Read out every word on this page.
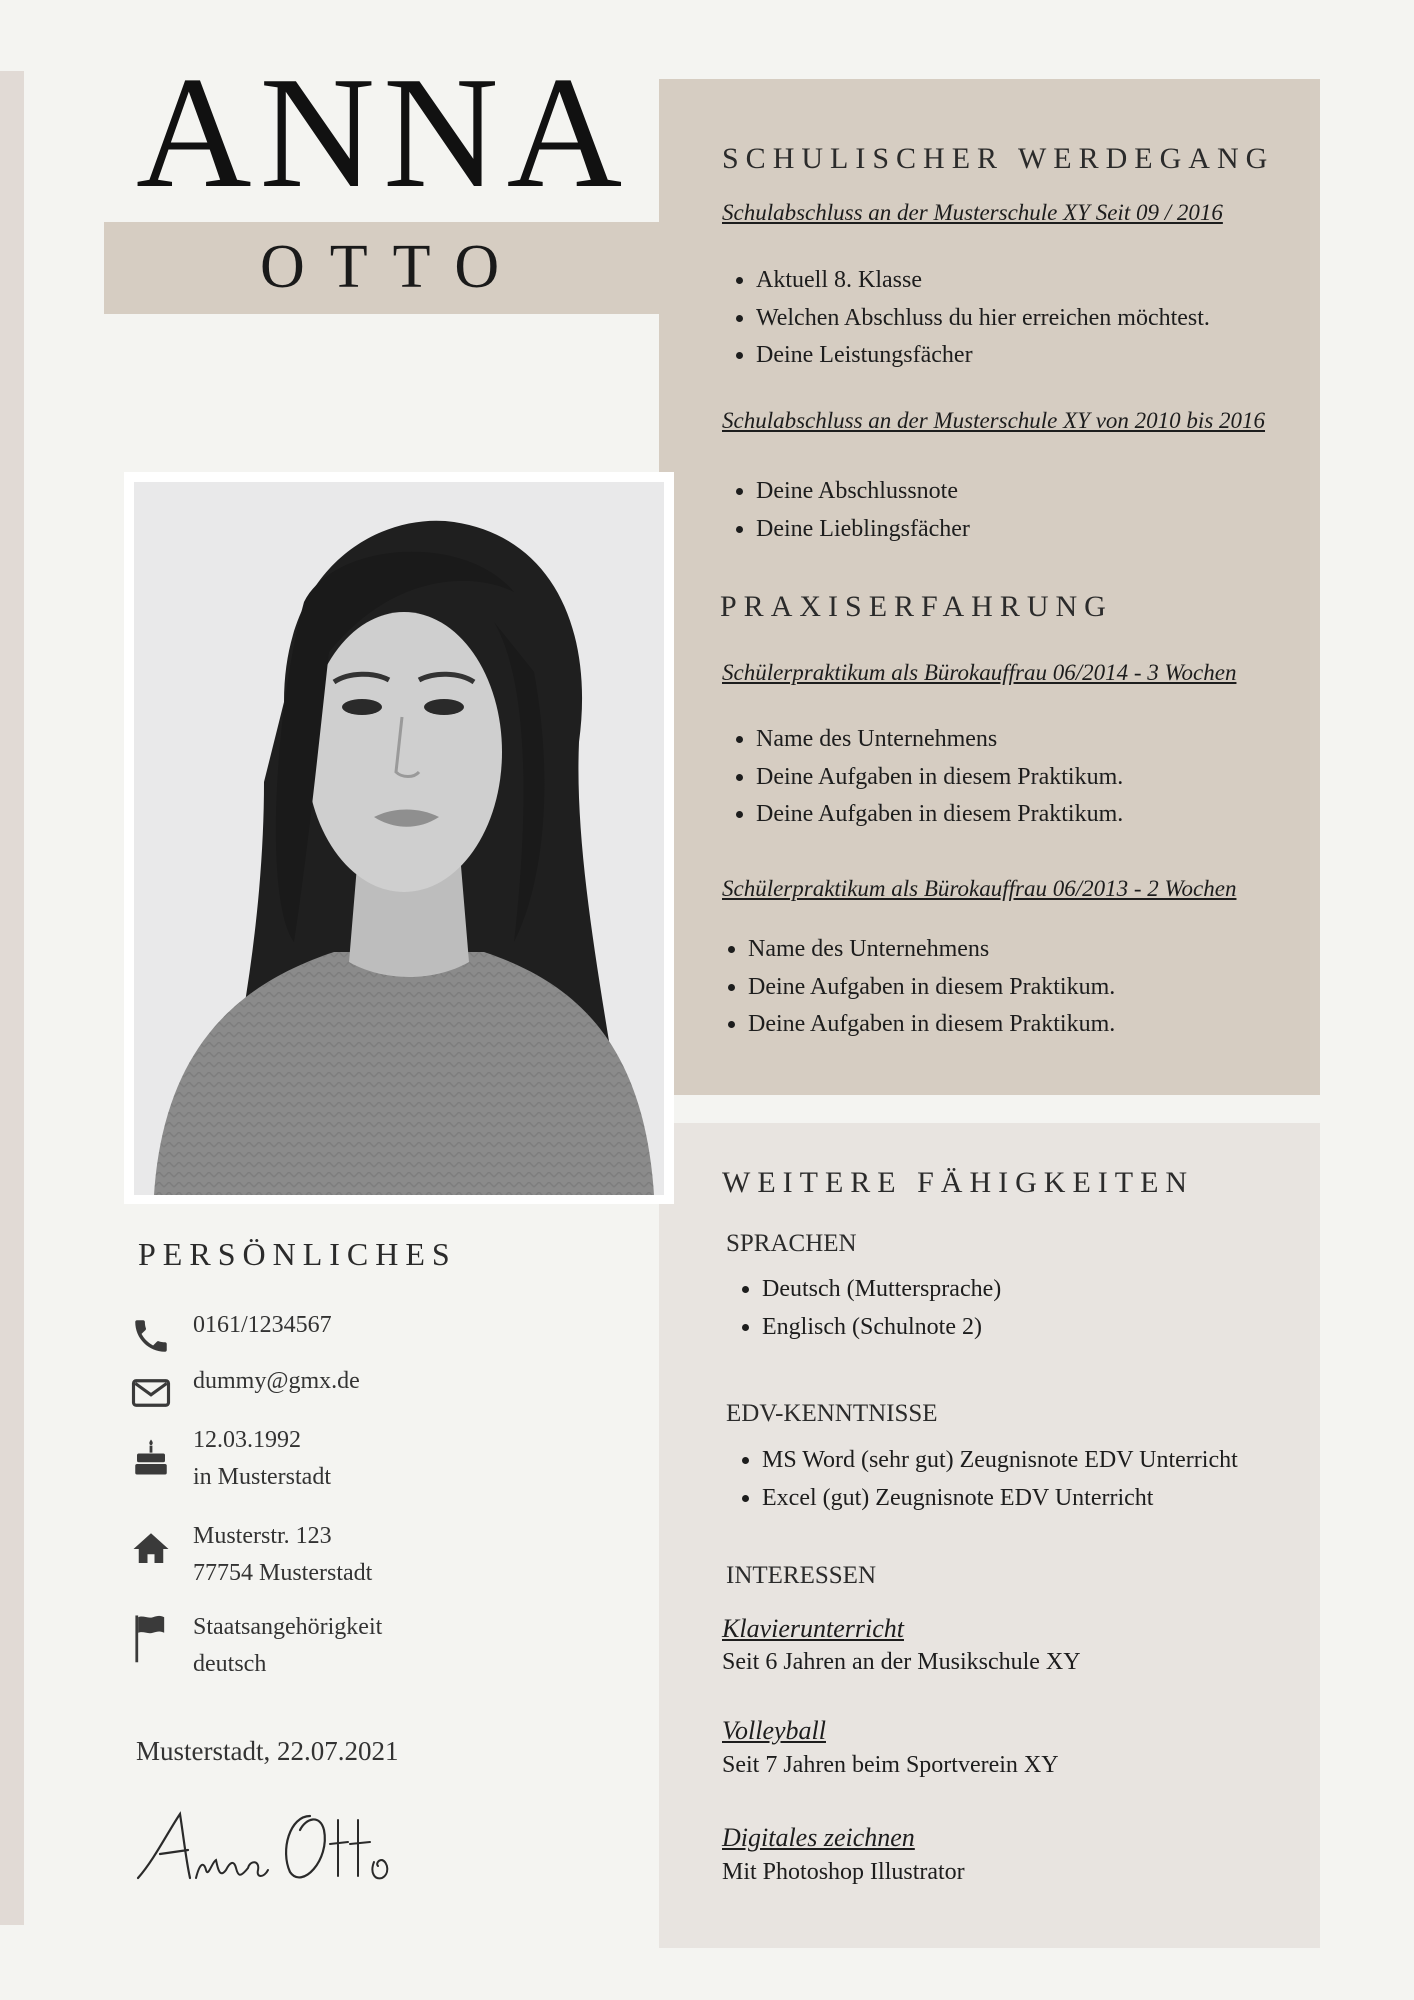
ANNA
OTTO
SCHULISCHER WERDEGANG
Schulabschluss an der Musterschule XY Seit 09 / 2016
• Aktuell 8. Klasse
• Welchen Abschluss du hier erreichen möchtest.
• Deine Leistungsfächer
Schulabschluss an der Musterschule XY von 2010 bis 2016
• Deine Abschlussnote
• Deine Lieblingsfächer
PRAXISERFAHRUNG
Schülerpraktikum als Bürokauffrau 06/2014 - 3 Wochen
• Name des Unternehmens
• Deine Aufgaben in diesem Praktikum.
• Deine Aufgaben in diesem Praktikum.
Schülerpraktikum als Bürokauffrau 06/2013 - 2 Wochen
• Name des Unternehmens
• Deine Aufgaben in diesem Praktikum.
• Deine Aufgaben in diesem Praktikum.
WEITERE FÄHIGKEITEN
SPRACHEN
• Deutsch (Muttersprache)
• Englisch (Schulnote 2)
EDV-KENNTNISSE
• MS Word (sehr gut) Zeugnisnote EDV Unterricht
• Excel (gut) Zeugnisnote EDV Unterricht
INTERESSEN
Klavierunterricht
Seit 6 Jahren an der Musikschule XY
Volleyball
Seit 7 Jahren beim Sportverein XY
Digitales zeichnen
Mit Photoshop Illustrator
PERSÖNLICHES
0161/1234567
dummy@gmx.de
12.03.1992
in Musterstadt
Musterstr. 123
77754 Musterstadt
Staatsangehörigkeit
deutsch
Musterstadt, 22.07.2021
